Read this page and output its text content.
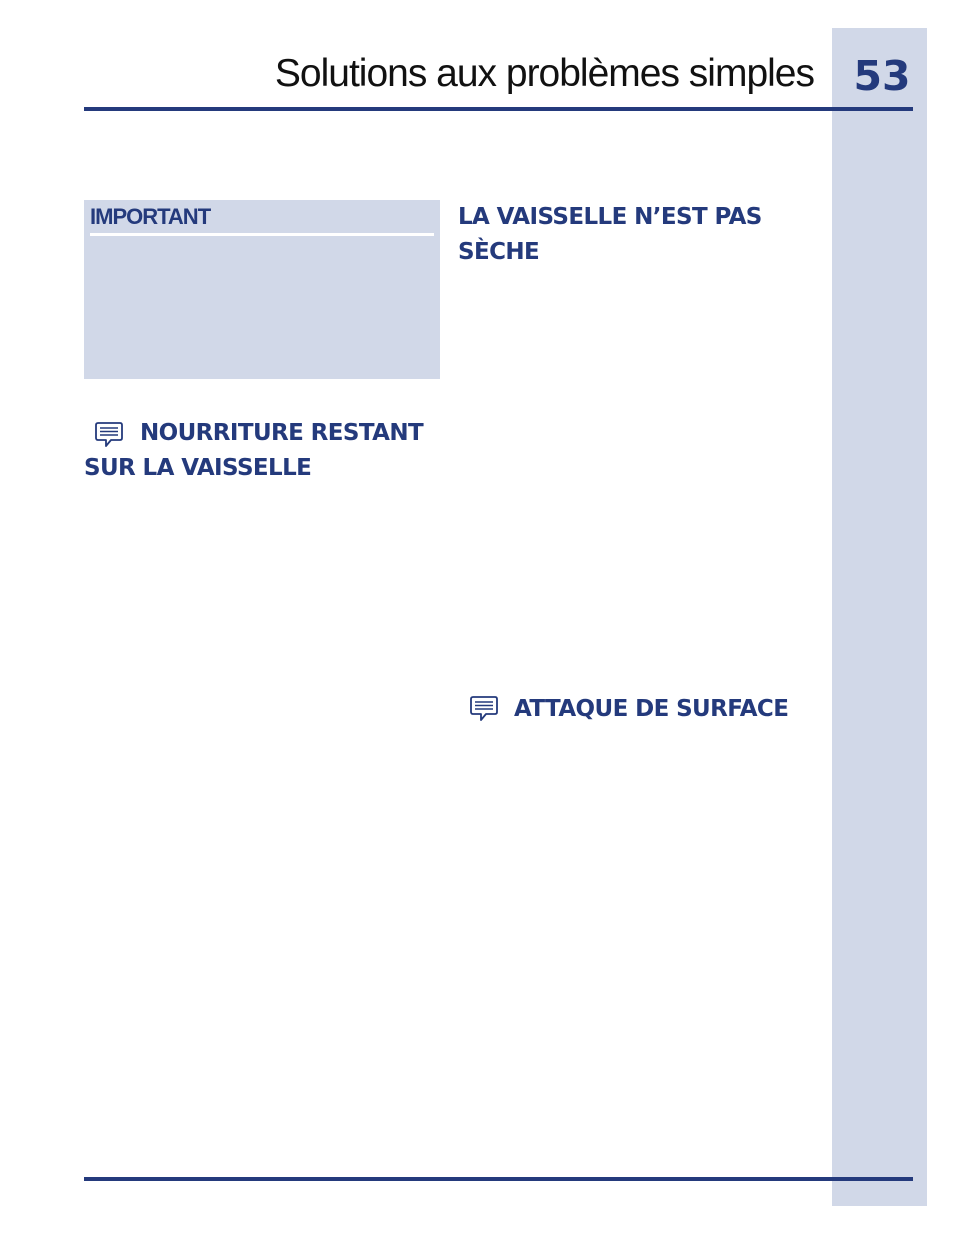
Solutions aux problèmes simples 53
IMPORTANT
NOURRITURE RESTANT SUR LA VAISSELLE
LA VAISSELLE N’EST PAS SÈCHE
ATTAQUE DE SURFACE
